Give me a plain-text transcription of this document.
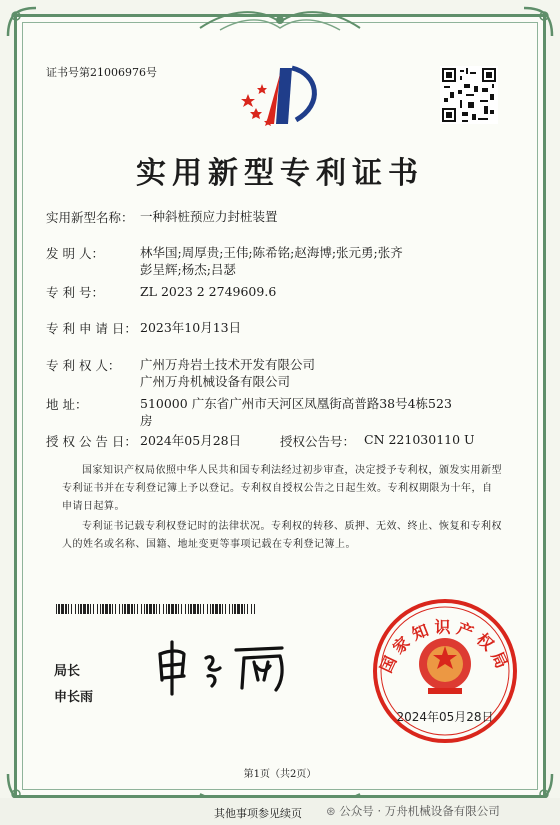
证书号第21006976号
实用新型专利证书
实用新型名称： 一种斜桩预应力封桩装置
发 明 人：	林华国;周厚贵;王伟;陈希铭;赵海博;张元勇;张齐
彭呈辉;杨杰;吕瑟
专 利 号：	ZL 2023 2 2749609.6
专 利 申 请 日： 2023年10月13日
专 利 权 人： 广州万舟岩土技术开发有限公司
广州万舟机械设备有限公司
地 址：	510000 广东省广州市天河区凤凰街高普路38号4栋523
房
授 权 公 告 日： 2024年05月28日	授权公告号： CN 221030110 U
国家知识产权局依照中华人民共和国专利法经过初步审查，决定授予专利权，颁发实用新型专利证书并在专利登记簿上予以登记。专利权自授权公告之日起生效。专利权期限为十年，自申请日起算。
专利证书记载专利权登记时的法律状况。专利权的转移、质押、无效、终止、恢复和专利权人的姓名或名称、国籍、地址变更等事项记载在专利登记簿上。
局长
申长雨
国家知识产权局
2024年05月28日
第1页（共2页）
其他事项参见续页 ⊛ 公众号 · 万舟机械设备有限公司
